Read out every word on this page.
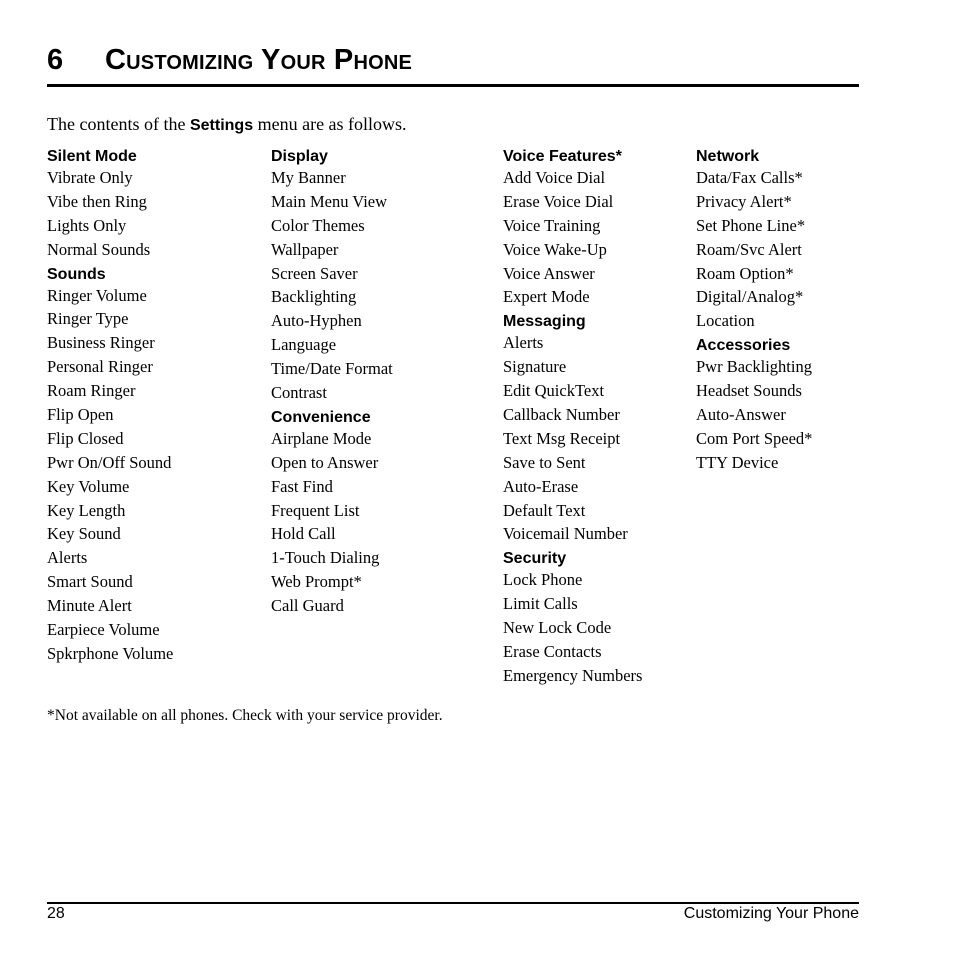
6 Customizing Your Phone
The contents of the Settings menu are as follows.
Silent Mode
Vibrate Only
Vibe then Ring
Lights Only
Normal Sounds
Sounds
Ringer Volume
Ringer Type
Business Ringer
Personal Ringer
Roam Ringer
Flip Open
Flip Closed
Pwr On/Off Sound
Key Volume
Key Length
Key Sound
Alerts
Smart Sound
Minute Alert
Earpiece Volume
Spkrphone Volume
Display
My Banner
Main Menu View
Color Themes
Wallpaper
Screen Saver
Backlighting
Auto-Hyphen
Language
Time/Date Format
Contrast
Convenience
Airplane Mode
Open to Answer
Fast Find
Frequent List
Hold Call
1-Touch Dialing
Web Prompt*
Call Guard
Voice Features*
Add Voice Dial
Erase Voice Dial
Voice Training
Voice Wake-Up
Voice Answer
Expert Mode
Messaging
Alerts
Signature
Edit QuickText
Callback Number
Text Msg Receipt
Save to Sent
Auto-Erase
Default Text
Voicemail Number
Security
Lock Phone
Limit Calls
New Lock Code
Erase Contacts
Emergency Numbers
Network
Data/Fax Calls*
Privacy Alert*
Set Phone Line*
Roam/Svc Alert
Roam Option*
Digital/Analog*
Location
Accessories
Pwr Backlighting
Headset Sounds
Auto-Answer
Com Port Speed*
TTY Device
*Not available on all phones. Check with your service provider.
28	Customizing Your Phone
